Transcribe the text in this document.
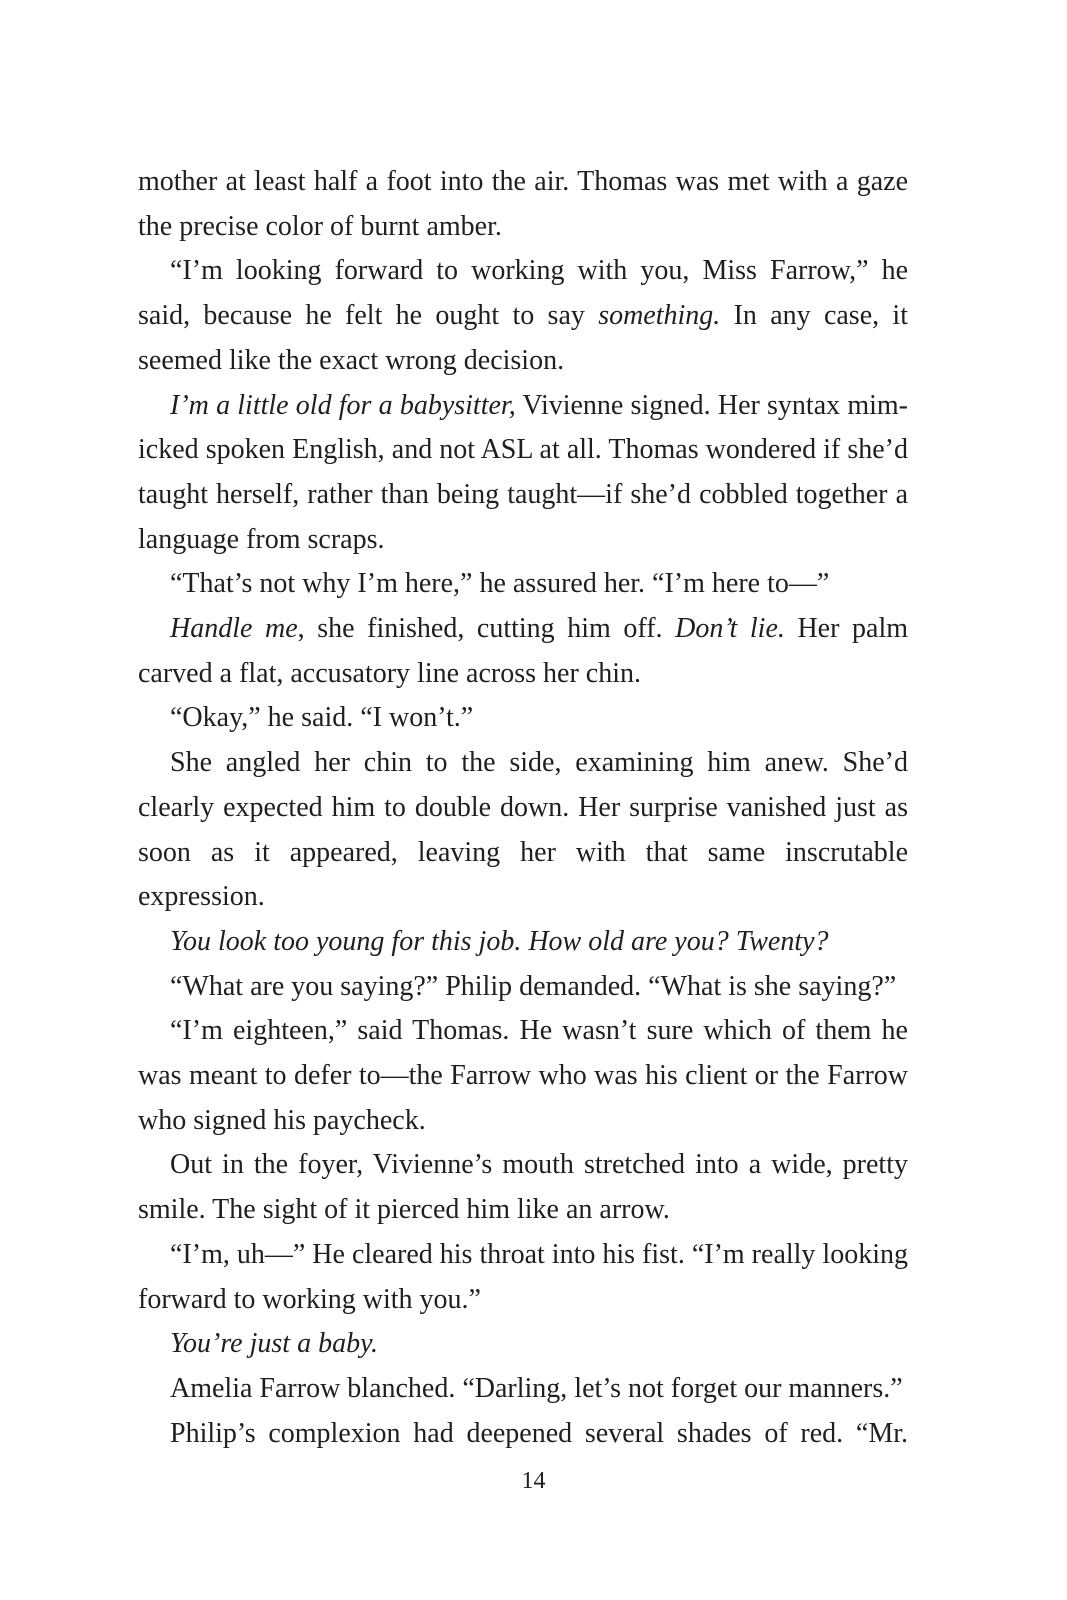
mother at least half a foot into the air. Thomas was met with a gaze the precise color of burnt amber.

“I’m looking forward to working with you, Miss Farrow,” he said, because he felt he ought to say something. In any case, it seemed like the exact wrong decision.

I’m a little old for a babysitter, Vivienne signed. Her syntax mimicked spoken English, and not ASL at all. Thomas wondered if she’d taught herself, rather than being taught—if she’d cobbled together a language from scraps.

“That’s not why I’m here,” he assured her. “I’m here to—”

Handle me, she finished, cutting him off. Don’t lie. Her palm carved a flat, accusatory line across her chin.

“Okay,” he said. “I won’t.”

She angled her chin to the side, examining him anew. She’d clearly expected him to double down. Her surprise vanished just as soon as it appeared, leaving her with that same inscrutable expression.

You look too young for this job. How old are you? Twenty?

“What are you saying?” Philip demanded. “What is she saying?”

“I’m eighteen,” said Thomas. He wasn’t sure which of them he was meant to defer to—the Farrow who was his client or the Farrow who signed his paycheck.

Out in the foyer, Vivienne’s mouth stretched into a wide, pretty smile. The sight of it pierced him like an arrow.

“I’m, uh—” He cleared his throat into his fist. “I’m really looking forward to working with you.”

You’re just a baby.

Amelia Farrow blanched. “Darling, let’s not forget our manners.”

Philip’s complexion had deepened several shades of red. “Mr.

14
